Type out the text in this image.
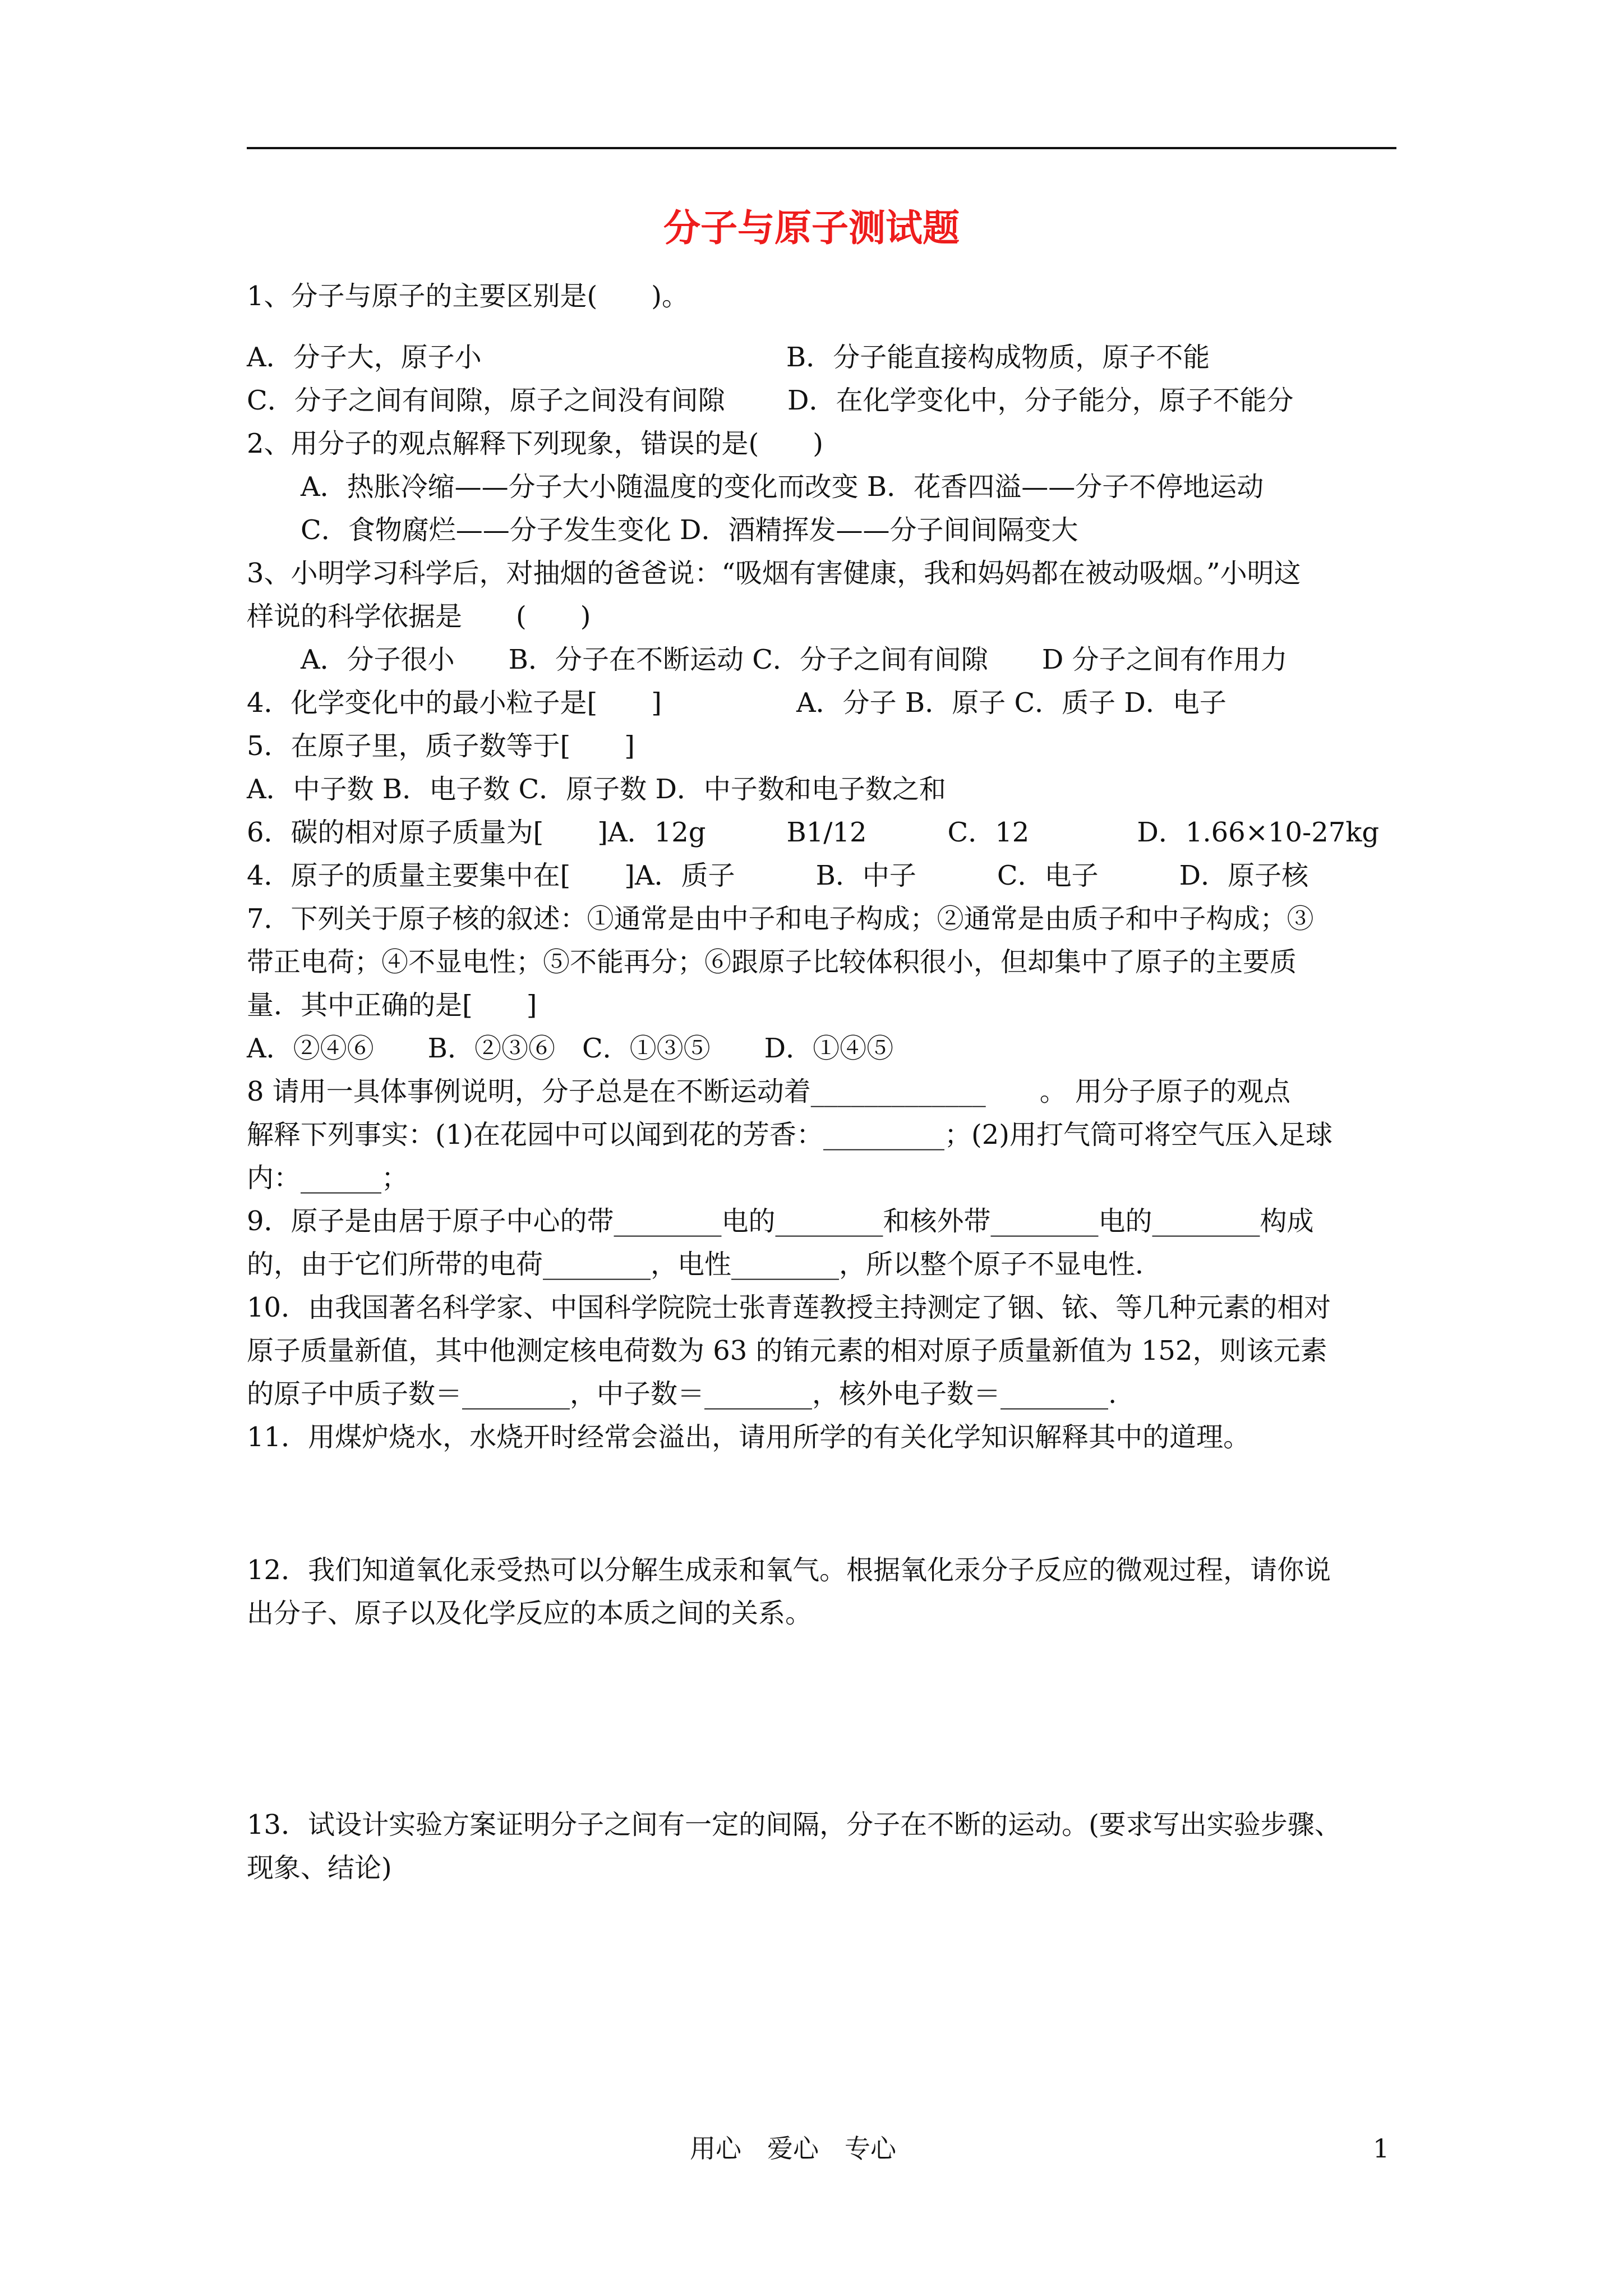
分子与原子测试题
1、分子与原子的主要区别是(　　)。
A．分子大，原子小　　　　　　　　　　　 B．分子能直接构成物质，原子不能
C．分子之间有间隙，原子之间没有间隙　　 D．在化学变化中，分子能分，原子不能分
2、用分子的观点解释下列现象，错误的是(　　)
　　A．热胀冷缩——分子大小随温度的变化而改变 B．花香四溢——分子不停地运动
　　C．食物腐烂——分子发生变化 D．酒精挥发——分子间间隔变大
3、小明学习科学后，对抽烟的爸爸说：“吸烟有害健康，我和妈妈都在被动吸烟。”小明这
样说的科学依据是　　(　　)
　　A．分子很小　　B．分子在不断运动 C．分子之间有间隙　　D 分子之间有作用力
4．化学变化中的最小粒子是[　　]　　　　　A．分子 B．原子 C．质子 D．电子
5．在原子里，质子数等于[　　]
A．中子数 B．电子数 C．原子数 D．中子数和电子数之和
6．碳的相对原子质量为[　　]A．12g　　　B1/12　　　C．12　　　　D．1.66×10-27kg
4．原子的质量主要集中在[　　]A．质子　　　B．中子　　　C．电子　　　D．原子核
7．下列关于原子核的叙述：①通常是由中子和电子构成；②通常是由质子和中子构成；③
带正电荷；④不显电性；⑤不能再分；⑥跟原子比较体积很小，但却集中了原子的主要质
量．其中正确的是[　　]
A．②④⑥　　B．②③⑥　C．①③⑤　　D．①④⑤
8 请用一具体事例说明，分子总是在不断运动着_____________　　。 用分子原子的观点
解释下列事实：(1)在花园中可以闻到花的芳香：_________；(2)用打气筒可将空气压入足球
内：______；
9．原子是由居于原子中心的带________电的________和核外带________电的________构成
的，由于它们所带的电荷________，电性________，所以整个原子不显电性．
10．由我国著名科学家、中国科学院院士张青莲教授主持测定了铟、铱、等几种元素的相对
原子质量新值，其中他测定核电荷数为 63 的铕元素的相对原子质量新值为 152，则该元素
的原子中质子数＝________，中子数＝________，核外电子数＝________.
11．用煤炉烧水，水烧开时经常会溢出，请用所学的有关化学知识解释其中的道理。
12．我们知道氧化汞受热可以分解生成汞和氧气。根据氧化汞分子反应的微观过程，请你说
出分子、原子以及化学反应的本质之间的关系。
13．试设计实验方案证明分子之间有一定的间隔，分子在不断的运动。(要求写出实验步骤、
现象、结论)
用心　爱心　专心	1
